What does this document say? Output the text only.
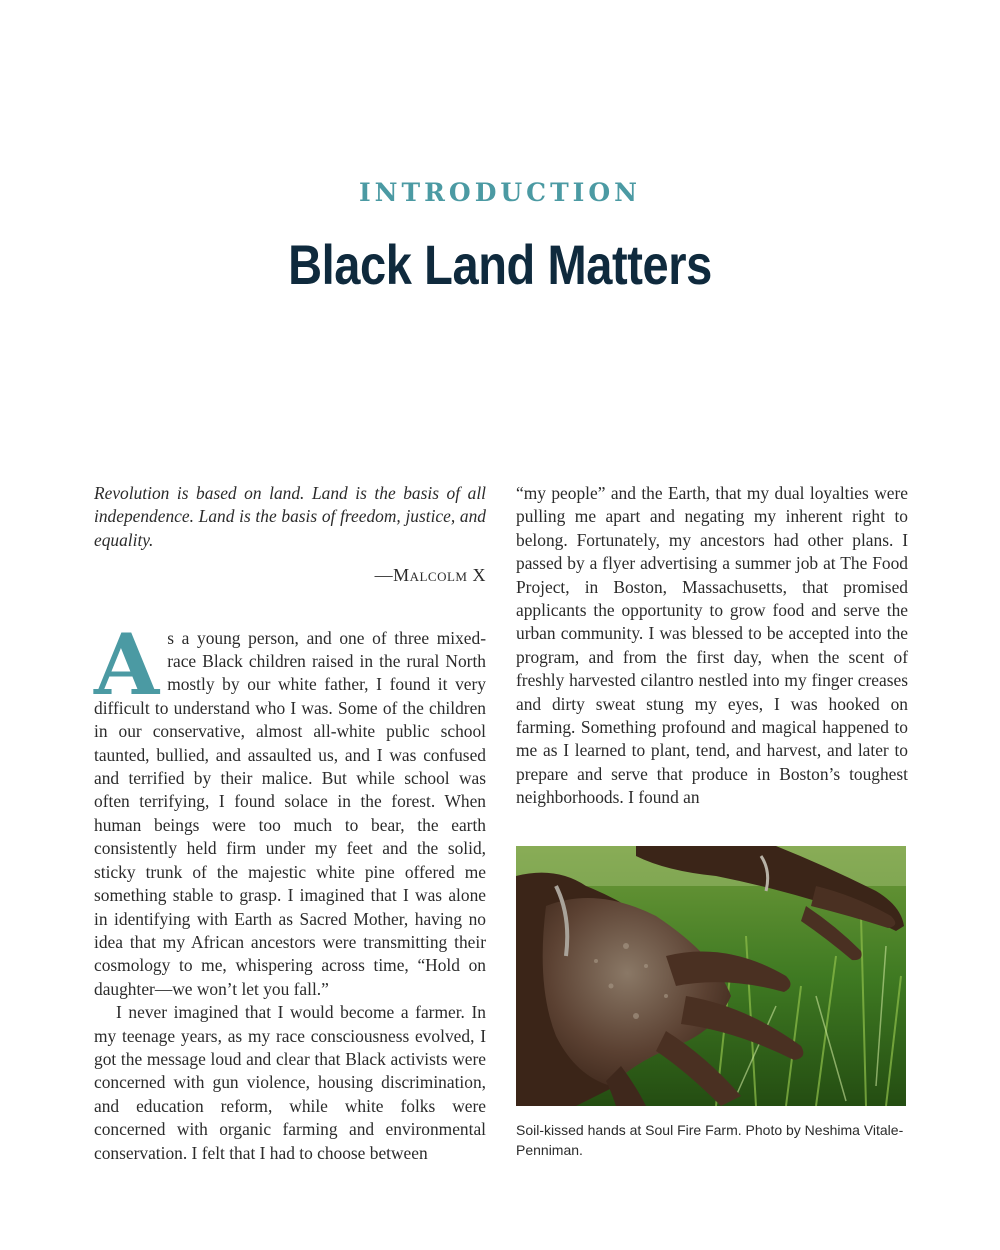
INTRODUCTION
Black Land Matters

Revolution is based on land. Land is the basis of all independence. Land is the basis of freedom, justice, and equality.

—Malcolm X

As a young person, and one of three mixed-race Black children raised in the rural North mostly by our white father, I found it very difficult to understand who I was. Some of the children in our conservative, almost all-white public school taunted, bullied, and assaulted us, and I was confused and terrified by their malice. But while school was often terrifying, I found solace in the forest. When human beings were too much to bear, the earth consistently held firm under my feet and the solid, sticky trunk of the majestic white pine offered me something stable to grasp. I imagined that I was alone in identifying with Earth as Sacred Mother, having no idea that my African ancestors were transmitting their cosmology to me, whispering across time, “Hold on daughter—we won’t let you fall.”

I never imagined that I would become a farmer. In my teenage years, as my race consciousness evolved, I got the message loud and clear that Black activists were concerned with gun violence, housing discrimination, and education reform, while white folks were concerned with organic farming and environmental conservation. I felt that I had to choose between

“my people” and the Earth, that my dual loyalties were pulling me apart and negating my inherent right to belong. Fortunately, my ancestors had other plans. I passed by a flyer advertising a summer job at The Food Project, in Boston, Massachusetts, that promised applicants the opportunity to grow food and serve the urban community. I was blessed to be accepted into the program, and from the first day, when the scent of freshly harvested cilantro nestled into my finger creases and dirty sweat stung my eyes, I was hooked on farming. Something profound and magical happened to me as I learned to plant, tend, and harvest, and later to prepare and serve that produce in Boston’s toughest neighborhoods. I found an

Soil-kissed hands at Soul Fire Farm. Photo by Neshima Vitale-Penniman.
